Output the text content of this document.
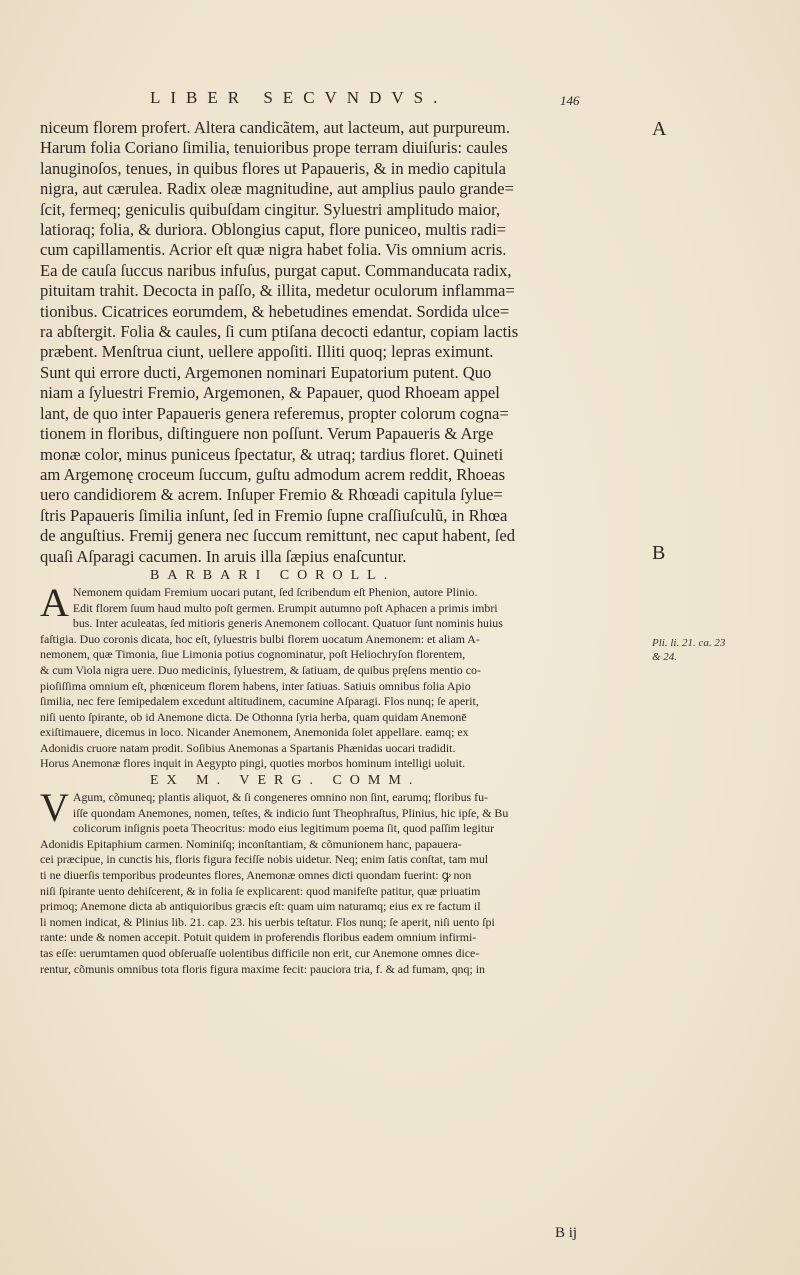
LIBER SECVNDVS.	146
niceum florem profert. Altera candicãtem, aut lacteum, aut purpureum.
Harum folia Coriano ſimilia, tenuioribus prope terram diuiſuris: caules
lanuginoſos, tenues, in quibus flores ut Papaueris, & in medio capitula
nigra, aut cærulea. Radix oleæ magnitudine, aut amplius paulo grande=
ſcit, fermeq; geniculis quibuſdam cingitur. Syluestri amplitudo maior,
latioraq; folia, & duriora. Oblongius caput, flore puniceo, multis radi=
cum capillamentis. Acrior eſt quæ nigra habet folia. Vis omnium acris.
Ea de cauſa ſuccus naribus infuſus, purgat caput. Commanducata radix,
pituitam trahit. Decocta in paſſo, & illita, medetur oculorum inflamma=
tionibus. Cicatrices eorumdem, & hebetudines emendat. Sordida ulce=
ra abſtergit. Folia & caules, ſi cum ptiſana decocti edantur, copiam lactis
præbent. Menſtrua ciunt, uellere appoſiti. Illiti quoq; lepras eximunt.
Sunt qui errore ducti, Argemonen nominari Eupatorium putent. Quo
niam a ſyluestri Fremio, Argemonen, & Papauer, quod Rhoeam appel
lant, de quo inter Papaueris genera referemus, propter colorum cogna=
tionem in floribus, diſtinguere non poſſunt. Verum Papaueris & Arge
monæ color, minus puniceus ſpectatur, & utraq; tardius floret. Quineti
am Argemonę croceum ſuccum, guſtu admodum acrem reddit, Rhoeas
uero candidiorem & acrem. Inſuper Fremio & Rhœadi capitula ſylue=
ſtris Papaueris ſimilia inſunt, ſed in Fremio ſupne craſſiuſculũ, in Rhœa
de anguſtius. Fremij genera nec ſuccum remittunt, nec caput habent, ſed
quaſi Aſparagi cacumen. In aruis illa ſæpius enaſcuntur.
BARBARI COROLL.
A Nemonem quidam Fremium uocari putant, ſed ſcribendum eſt Phenion, autore Plinio.
Edit florem ſuum haud multo poſt germen. Erumpit autumno poſt Aphacen a primis imbri
bus. Inter aculeatas, ſed mitioris generis Anemonem collocant. Quatuor ſunt nominis huius
faſtigia. Duo coronis dicata, hoc eſt, ſyluestris bulbi florem uocatum Anemonem: et aliam A-
nemonem, quæ Timonia, ſiue Limonia potius cognominatur, poſt Heliochryſon florentem,
& cum Viola nigra uere. Duo medicinis, ſyluestrem, & ſatiuam, de quibus pręſens mentio co-
pioſiſſima omnium eſt, phœniceum florem habens, inter ſatiuas. Satiuis omnibus folia Apio
ſimilia, nec fere ſemipedalem excedunt altitudinem, cacumine Aſparagi. Flos nunq; ſe aperit,
niſi uento ſpirante, ob id Anemone dicta. De Othonna ſyria herba, quam quidam Anemonē
exiſtimauere, dicemus in loco. Nicander Anemonem, Anemonida ſolet appellare. eamq; ex
Adonidis cruore natam prodit. Soſibius Anemonas a Spartanis Phænidas uocari tradidit.
Horus Anemonæ flores inquit in Aegypto pingi, quoties morbos hominum intelligi uoluit.
EX M. VERG. COMM.
V Agum, cõmuneq; plantis aliquot, & ſi congeneres omnino non ſint, earumq; floribus fu-
iſſe quondam Anemones, nomen, teſtes, & indicio ſunt Theophraſtus, Plinius, hic ipſe, & Bu
colicorum inſignis poeta Theocritus: modo eius legitimum poema ſit, quod paſſim legitur
Adonidis Epitaphium carmen. Nominiſq; inconſtantiam, & cõmunionem hanc, papauera-
cei præcipue, in cunctis his, floris figura feciſſe nobis uidetur. Neq; enim ſatis conſtat, tam mul
ti ne diuerſis temporibus prodeuntes flores, Anemonæ omnes dicti quondam fuerint: ꝙ non
niſi ſpirante uento dehiſcerent, & in folia ſe explicarent: quod manifeſte patitur, quæ priuatim
primoq; Anemone dicta ab antiquioribus græcis eſt: quam uim naturamq; eius ex re factum il
li nomen indicat, & Plinius lib. 21. cap. 23. his uerbis teſtatur. Flos nunq; ſe aperit, niſi uento ſpi
rante: unde & nomen accepit. Potuit quidem in proferendis floribus eadem omnium infirmi-
tas eſſe: uerumtamen quod obſeruaſſe uolentibus difficile non erit, cur Anemone omnes dice-
rentur, cõmunis omnibus tota floris figura maxime fecit: pauciora tria, f. & ad fumam, qnq; in
A
B
Pli. li. 21. ca. 23
& 24.
B ij
